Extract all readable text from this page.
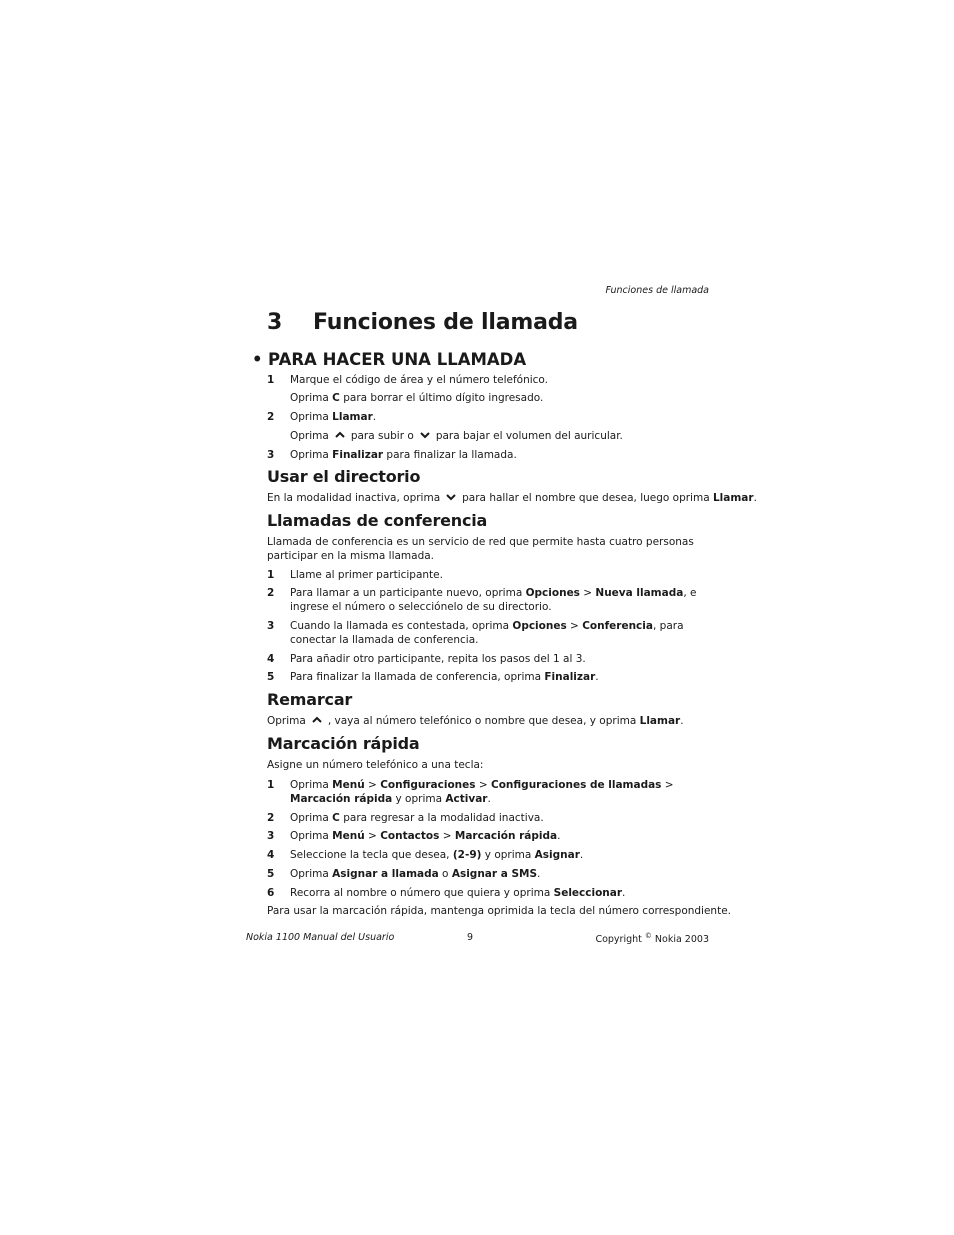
Funciones de llamada
3 Funciones de llamada
• PARA HACER UNA LLAMADA
1 Marque el código de área y el número telefónico.
Oprima C para borrar el último dígito ingresado.
2 Oprima Llamar.
Oprima para subir o para bajar el volumen del auricular.
3 Oprima Finalizar para finalizar la llamada.
Usar el directorio
En la modalidad inactiva, oprima para hallar el nombre que desea, luego oprima Llamar.
Llamadas de conferencia
Llamada de conferencia es un servicio de red que permite hasta cuatro personas participar en la misma llamada.
1 Llame al primer participante.
2 Para llamar a un participante nuevo, oprima Opciones > Nueva llamada, e ingrese el número o selecciónelo de su directorio.
3 Cuando la llamada es contestada, oprima Opciones > Conferencia, para conectar la llamada de conferencia.
4 Para añadir otro participante, repita los pasos del 1 al 3.
5 Para finalizar la llamada de conferencia, oprima Finalizar.
Remarcar
Oprima , vaya al número telefónico o nombre que desea, y oprima Llamar.
Marcación rápida
Asigne un número telefónico a una tecla:
1 Oprima Menú > Configuraciones > Configuraciones de llamadas > Marcación rápida y oprima Activar.
2 Oprima C para regresar a la modalidad inactiva.
3 Oprima Menú > Contactos > Marcación rápida.
4 Seleccione la tecla que desea, (2-9) y oprima Asignar.
5 Oprima Asignar a llamada o Asignar a SMS.
6 Recorra al nombre o número que quiera y oprima Seleccionar.
Para usar la marcación rápida, mantenga oprimida la tecla del número correspondiente.
Nokia 1100 Manual del Usuario	9	Copyright © Nokia 2003
